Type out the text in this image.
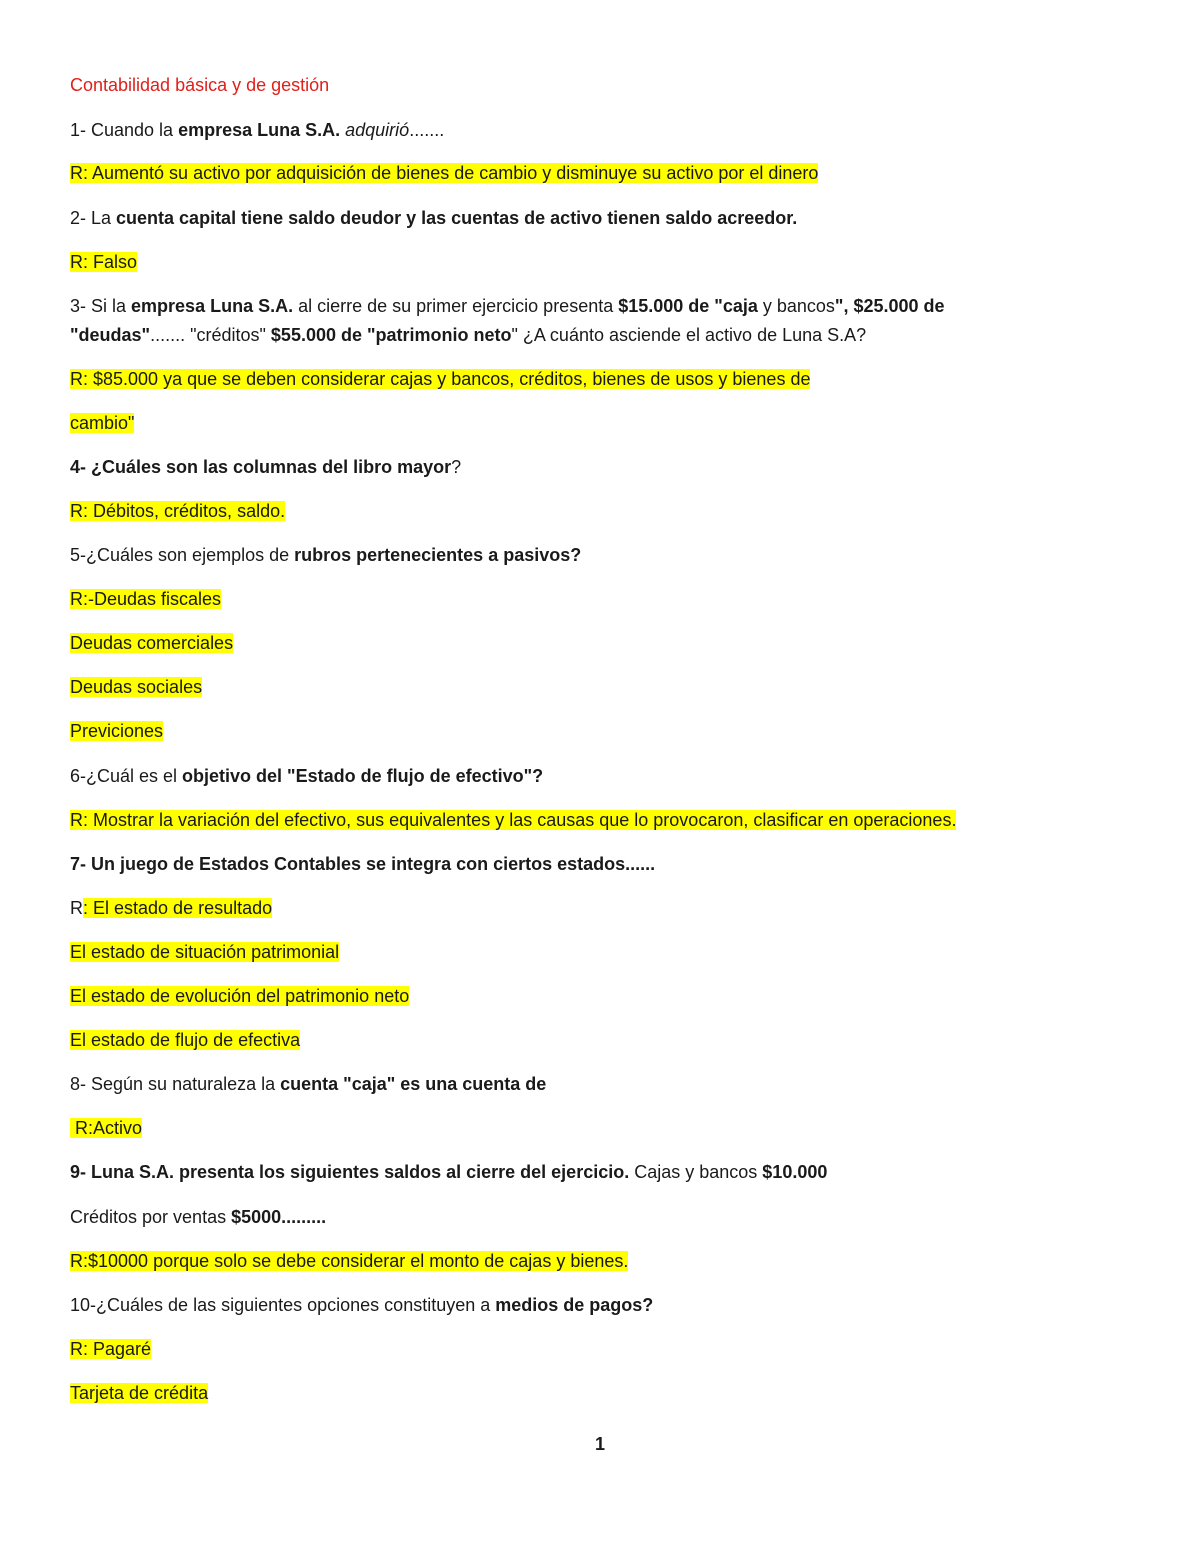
Contabilidad básica y de gestión
1- Cuando la empresa Luna S.A. adquirió.......
R: Aumentó su activo por adquisición de bienes de cambio y disminuye su activo por el dinero
2- La cuenta capital tiene saldo deudor y las cuentas de activo tienen saldo acreedor.
R: Falso
3- Si la empresa Luna S.A. al cierre de su primer ejercicio presenta $15.000 de "caja y bancos", $25.000 de
"deudas"....... "créditos" $55.000 de "patrimonio neto" ¿A cuánto asciende el activo de Luna S.A?
R: $85.000 ya que se deben considerar cajas y bancos, créditos, bienes de usos y bienes de
cambio"
4- ¿Cuáles son las columnas del libro mayor?
R: Débitos, créditos, saldo.
5-¿Cuáles son ejemplos de rubros pertenecientes a pasivos?
R:-Deudas fiscales
Deudas comerciales
Deudas sociales
Previciones
6-¿Cuál es el objetivo del "Estado de flujo de efectivo"?
R: Mostrar la variación del efectivo, sus equivalentes y las causas que lo provocaron, clasificar en operaciones.
7- Un juego de Estados Contables se integra con ciertos estados......
R: El estado de resultado
El estado de situación patrimonial
El estado de evolución del patrimonio neto
El estado de flujo de efectiva
8- Según su naturaleza la cuenta "caja" es una cuenta de
R:Activo
9- Luna S.A. presenta los siguientes saldos al cierre del ejercicio. Cajas y bancos $10.000
Créditos por ventas $5000.........
R:$10000 porque solo se debe considerar el monto de cajas y bienes.
10-¿Cuáles de las siguientes opciones constituyen a medios de pagos?
R: Pagaré
Tarjeta de crédita
1
